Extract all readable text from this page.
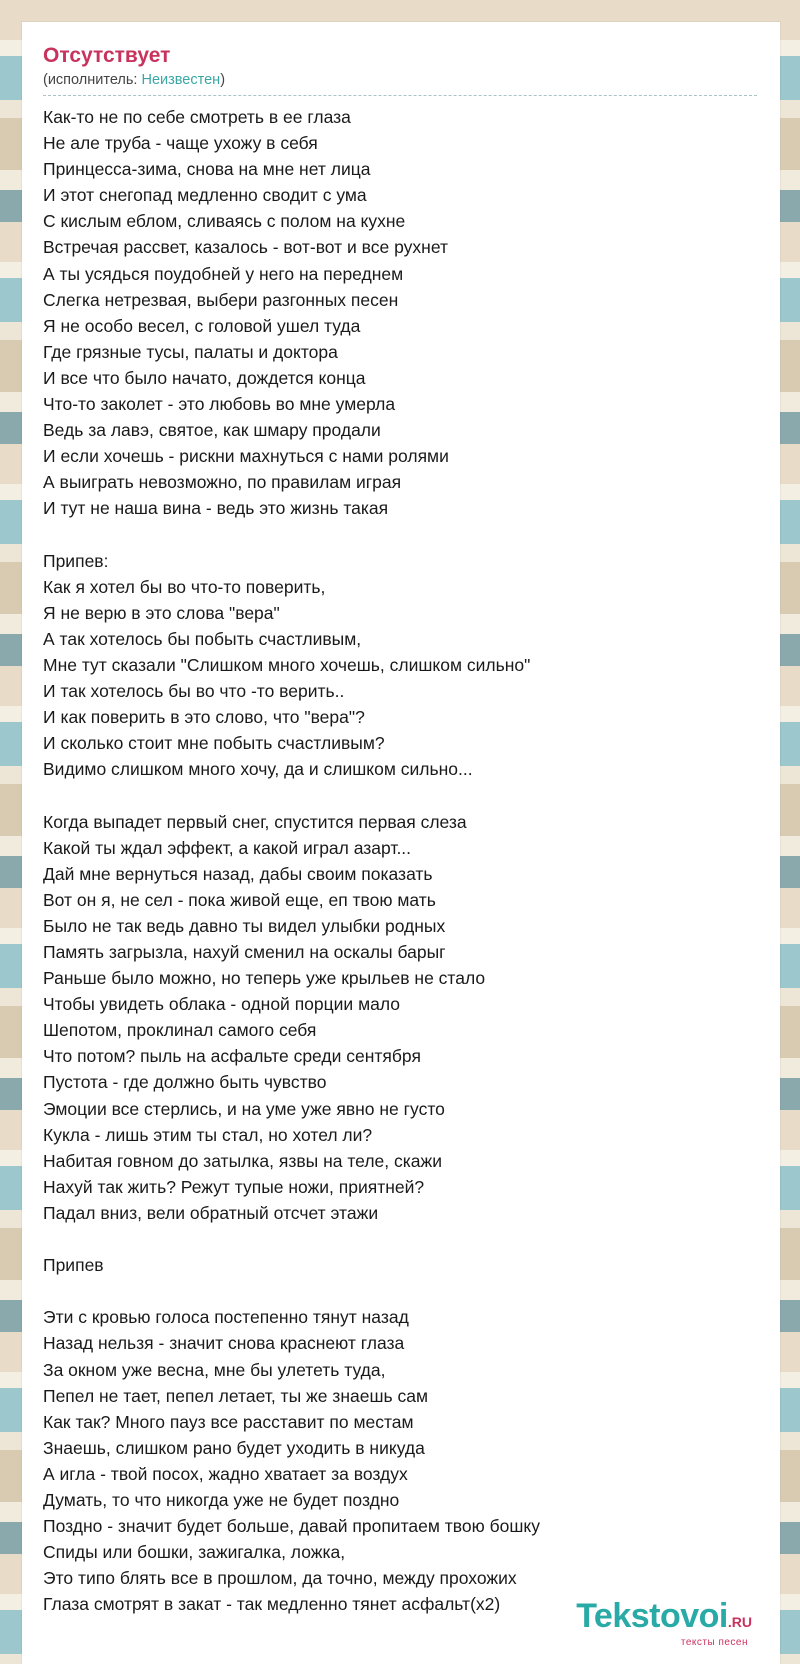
Отсутствует
(исполнитель: Неизвестен)
Как-то не по себе смотреть в ее глаза
Не але труба - чаще ухожу в себя
Принцесса-зима, снова на мне нет лица
И этот снегопад медленно сводит с ума
С кислым еблом, сливаясь с полом на кухне
Встречая рассвет, казалось - вот-вот и все рухнет
А ты усядься поудобней у него на переднем
Слегка нетрезвая, выбери разгонных песен
Я не особо весел, с головой ушел туда
Где грязные тусы, палаты и доктора
И все что было начато, дождется конца
Что-то заколет - это любовь во мне умерла
Ведь за лавэ, святое, как шмару продали
И если хочешь - рискни махнуться с нами ролями
А выиграть невозможно, по правилам играя
И тут не наша вина - ведь это жизнь такая
Припев:
Как я хотел бы во что-то поверить,
Я не верю в это слова "вера"
А так хотелось бы побыть счастливым,
Мне тут сказали "Слишком много хочешь, слишком сильно"
И так хотелось бы во что -то верить..
И как поверить в это слово, что "вера"?
И сколько стоит мне побыть счастливым?
Видимо слишком много хочу, да и слишком сильно...
Когда выпадет первый снег, спустится первая слеза
Какой ты ждал эффект, а какой играл азарт...
Дай мне вернуться назад, дабы своим показать
Вот он я, не сел - пока живой еще, еп твою мать
Было не так ведь давно ты видел улыбки родных
Память загрызла, нахуй сменил на оскалы барыг
Раньше было можно, но теперь уже крыльев не стало
Чтобы увидеть облака - одной порции мало
Шепотом, проклинал самого себя
Что потом? пыль на асфальте среди сентября
Пустота - где должно быть чувство
Эмоции все стерлись, и на уме уже явно не густо
Кукла - лишь этим ты стал, но хотел ли?
Набитая говном до затылка, язвы на теле, скажи
Нахуй так жить? Режут тупые ножи, приятней?
Падал вниз, вели обратный отсчет этажи
Припев
Эти с кровью голоса постепенно тянут назад
Назад нельзя - значит снова краснеют глаза
За окном уже весна, мне бы улететь туда,
Пепел не тает, пепел летает, ты же знаешь сам
Как так? Много пауз все расставит по местам
Знаешь, слишком рано будет уходить в никуда
А игла - твой посох, жадно хватает за воздух
Думать, то что никогда уже не будет поздно
Поздно - значит будет больше, давай пропитаем твою бошку
Спиды или бошки, зажигалка, ложка,
Это типо блять все в прошлом, да точно, между прохожих
Глаза смотрят в закат - так медленно тянет асфальт(х2)	Tekstovoi.RU
тексты песен
